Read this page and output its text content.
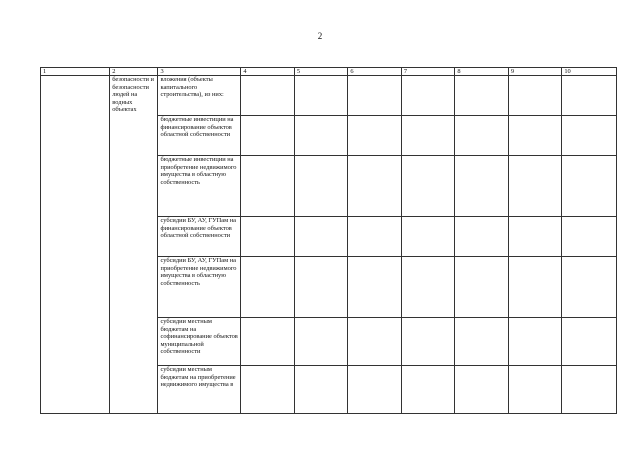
2
1	2	3	4	5	6	7	8	9	10
	безопасности и безопасности людей на водных объектах	вложения (объекты капитального строительства), из них:							
		бюджетные инвестиции на финансирование объектов областной собственности							
		бюджетные инвестиции на приобретение недвижимого имущества в областную собственность							
		субсидии БУ, АУ, ГУПам на финансирование объектов областной собственности							
		субсидии БУ, АУ, ГУПам на приобретение недвижимого имущества в областную собственность							
		субсидии местным бюджетам на софинансирование объектов муниципальной собственности							
		субсидии местным бюджетам на приобретение недвижимого имущества в							
